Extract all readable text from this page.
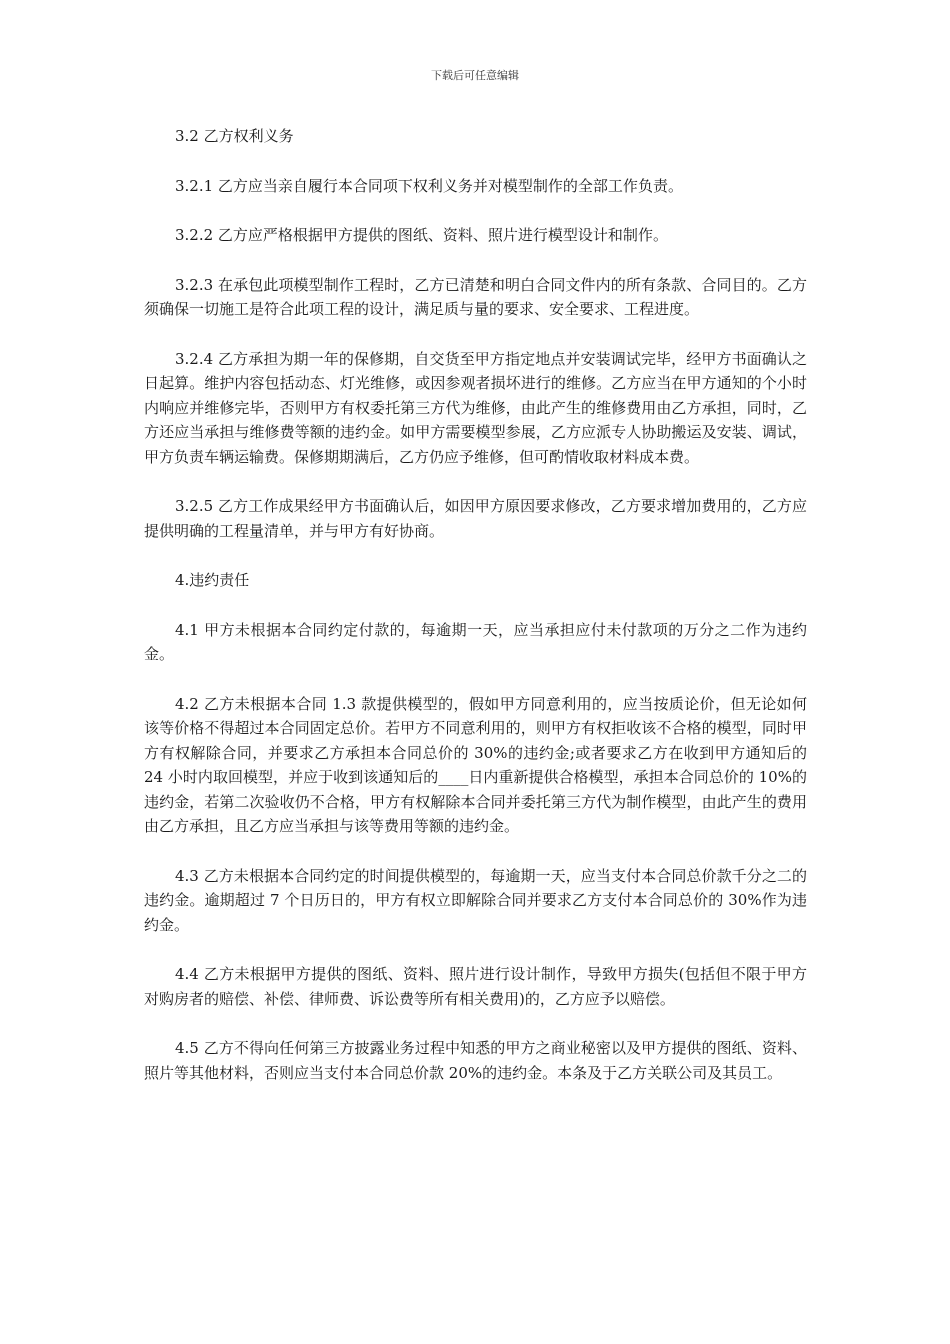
下载后可任意编辑

3.2 乙方权利义务

3.2.1 乙方应当亲自履行本合同项下权利义务并对模型制作的全部工作负责。

3.2.2 乙方应严格根据甲方提供的图纸、资料、照片进行模型设计和制作。

3.2.3 在承包此项模型制作工程时，乙方已清楚和明白合同文件内的所有条款、合同目的。乙方须确保一切施工是符合此项工程的设计，满足质与量的要求、安全要求、工程进度。

3.2.4 乙方承担为期一年的保修期，自交货至甲方指定地点并安装调试完毕，经甲方书面确认之日起算。维护内容包括动态、灯光维修，或因参观者损坏进行的维修。乙方应当在甲方通知的个小时内响应并维修完毕，否则甲方有权委托第三方代为维修，由此产生的维修费用由乙方承担，同时，乙方还应当承担与维修费等额的违约金。如甲方需要模型参展，乙方应派专人协助搬运及安装、调试，甲方负责车辆运输费。保修期期满后，乙方仍应予维修，但可酌情收取材料成本费。

3.2.5 乙方工作成果经甲方书面确认后，如因甲方原因要求修改，乙方要求增加费用的，乙方应提供明确的工程量清单，并与甲方有好协商。

4.违约责任

4.1 甲方未根据本合同约定付款的，每逾期一天，应当承担应付未付款项的万分之二作为违约金。

4.2 乙方未根据本合同 1.3 款提供模型的，假如甲方同意利用的，应当按质论价，但无论如何该等价格不得超过本合同固定总价。若甲方不同意利用的，则甲方有权拒收该不合格的模型，同时甲方有权解除合同，并要求乙方承担本合同总价的 30%的违约金;或者要求乙方在收到甲方通知后的 24 小时内取回模型，并应于收到该通知后的____日内重新提供合格模型，承担本合同总价的 10%的违约金，若第二次验收仍不合格，甲方有权解除本合同并委托第三方代为制作模型，由此产生的费用由乙方承担，且乙方应当承担与该等费用等额的违约金。

4.3 乙方未根据本合同约定的时间提供模型的，每逾期一天，应当支付本合同总价款千分之二的违约金。逾期超过 7 个日历日的，甲方有权立即解除合同并要求乙方支付本合同总价的 30%作为违约金。

4.4 乙方未根据甲方提供的图纸、资料、照片进行设计制作，导致甲方损失(包括但不限于甲方对购房者的赔偿、补偿、律师费、诉讼费等所有相关费用)的，乙方应予以赔偿。

4.5 乙方不得向任何第三方披露业务过程中知悉的甲方之商业秘密以及甲方提供的图纸、资料、照片等其他材料，否则应当支付本合同总价款 20%的违约金。本条及于乙方关联公司及其员工。
